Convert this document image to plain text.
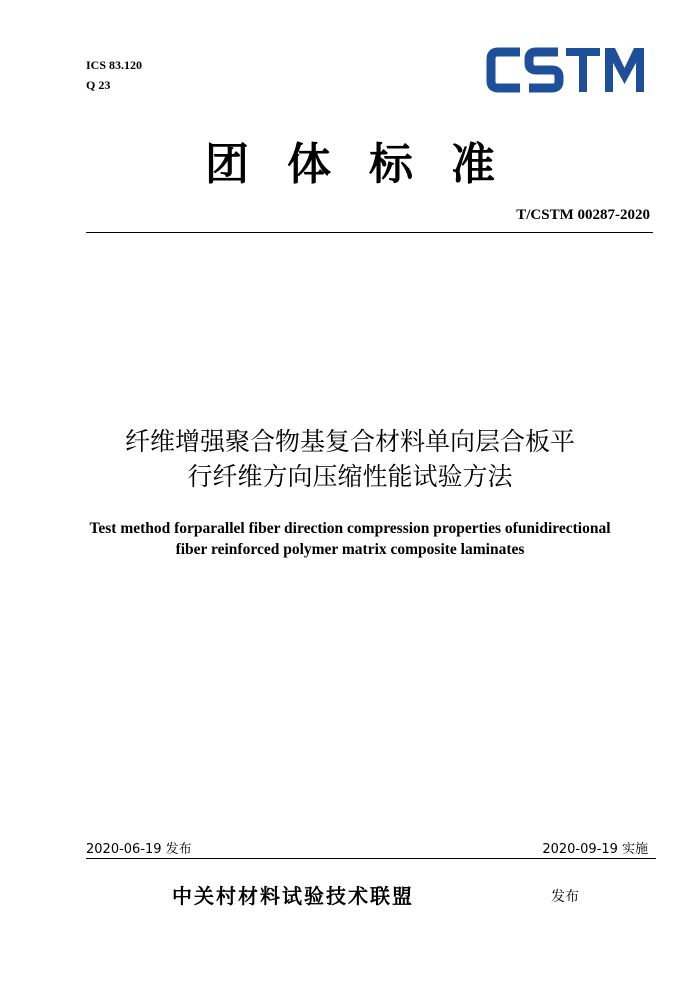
ICS 83.120
Q 23
团体标准
T/CSTM 00287-2020
纤维增强聚合物基复合材料单向层合板平
行纤维方向压缩性能试验方法
Test method forparallel fiber direction compression properties ofunidirectional
fiber reinforced polymer matrix composite laminates
2020-06-19 发布	2020-09-19 实施
中关村材料试验技术联盟	发布
